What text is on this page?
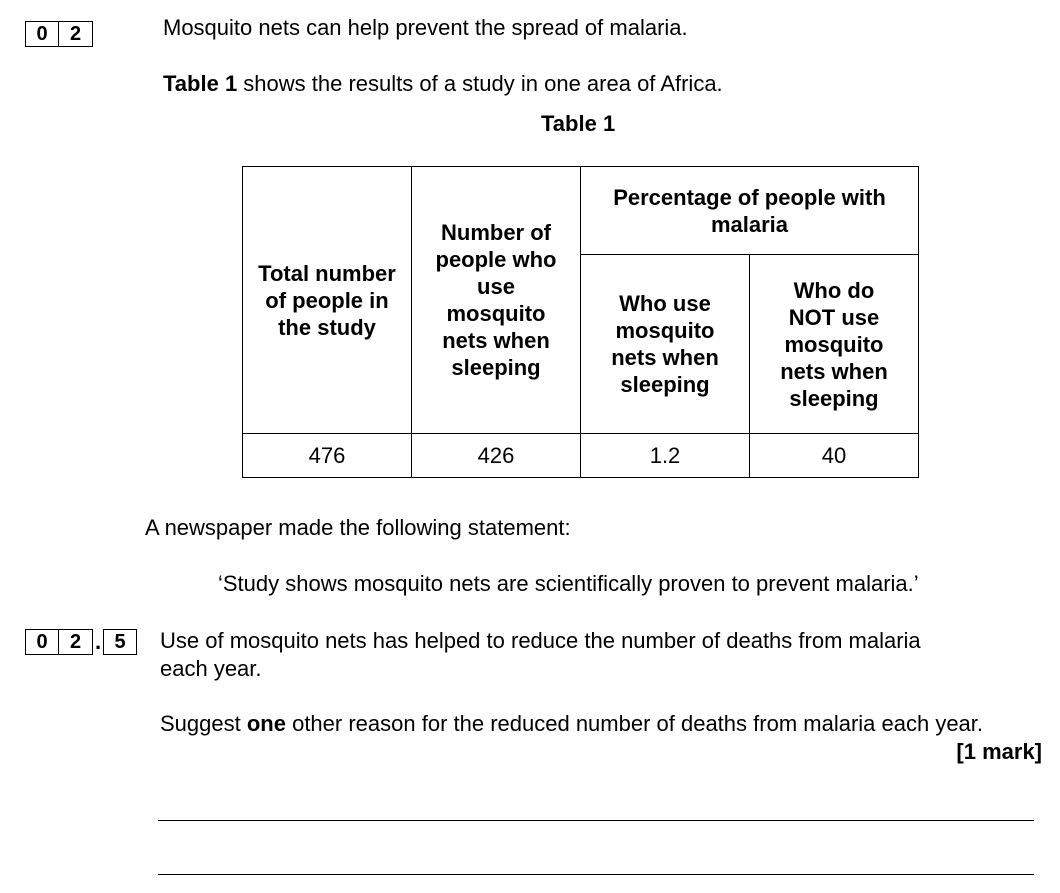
0	2	Mosquito nets can help prevent the spread of malaria.
Table 1 shows the results of a study in one area of Africa.
Table 1
Total number of people in the study	Number of people who use mosquito nets when sleeping	Percentage of people with malaria	

		Who use mosquito nets when sleeping	Who do NOT use mosquito nets when sleeping

476	426	1.2	40
A newspaper made the following statement:
‘Study shows mosquito nets are scientifically proven to prevent malaria.’
0	2 . 5	Use of mosquito nets has helped to reduce the number of deaths from malaria
each year.
Suggest one other reason for the reduced number of deaths from malaria each year.
[1 mark]
